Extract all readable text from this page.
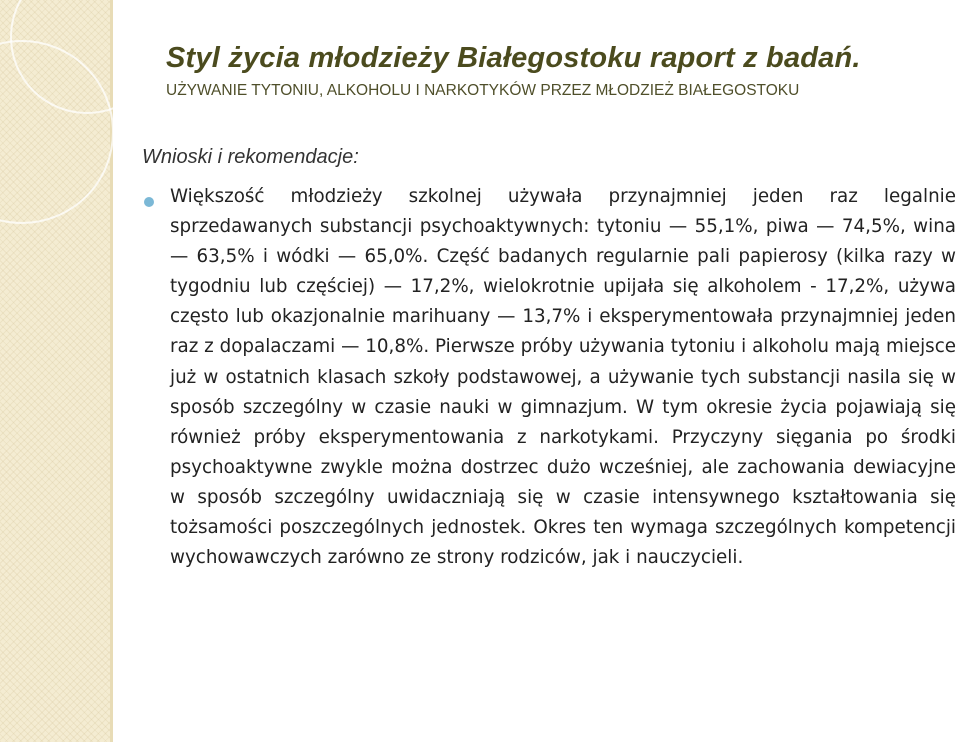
Styl życia młodzieży Białegostoku raport z badań.

UŻYWANIE TYTONIU, ALKOHOLU I NARKOTYKÓW PRZEZ MŁODZIEŻ BIAŁEGOSTOKU

Wnioski i rekomendacje:

Większość młodzieży szkolnej używała przynajmniej jeden raz legalnie sprzedawanych substancji psychoaktywnych: tytoniu — 55,1%, piwa — 74,5%, wina — 63,5% i wódki — 65,0%. Część badanych regularnie pali papierosy (kilka razy w tygodniu lub częściej) — 17,2%, wielokrotnie upijała się alkoholem - 17,2%, używa często lub okazjonalnie marihuany — 13,7% i eksperymentowała przynajmniej jeden raz z dopalaczami — 10,8%. Pierwsze próby używania tytoniu i alkoholu mają miejsce już w ostatnich klasach szkoły podstawowej, a używanie tych substancji nasila się w sposób szczególny w czasie nauki w gimnazjum. W tym okresie życia pojawiają się również próby eksperymentowania z narkotykami. Przyczyny sięgania po środki psychoaktywne zwykle można dostrzec dużo wcześniej, ale zachowania dewiacyjne w sposób szczególny uwidaczniają się w czasie intensywnego kształtowania się tożsamości poszczególnych jednostek. Okres ten wymaga szczególnych kompetencji wychowawczych zarówno ze strony rodziców, jak i nauczycieli.
